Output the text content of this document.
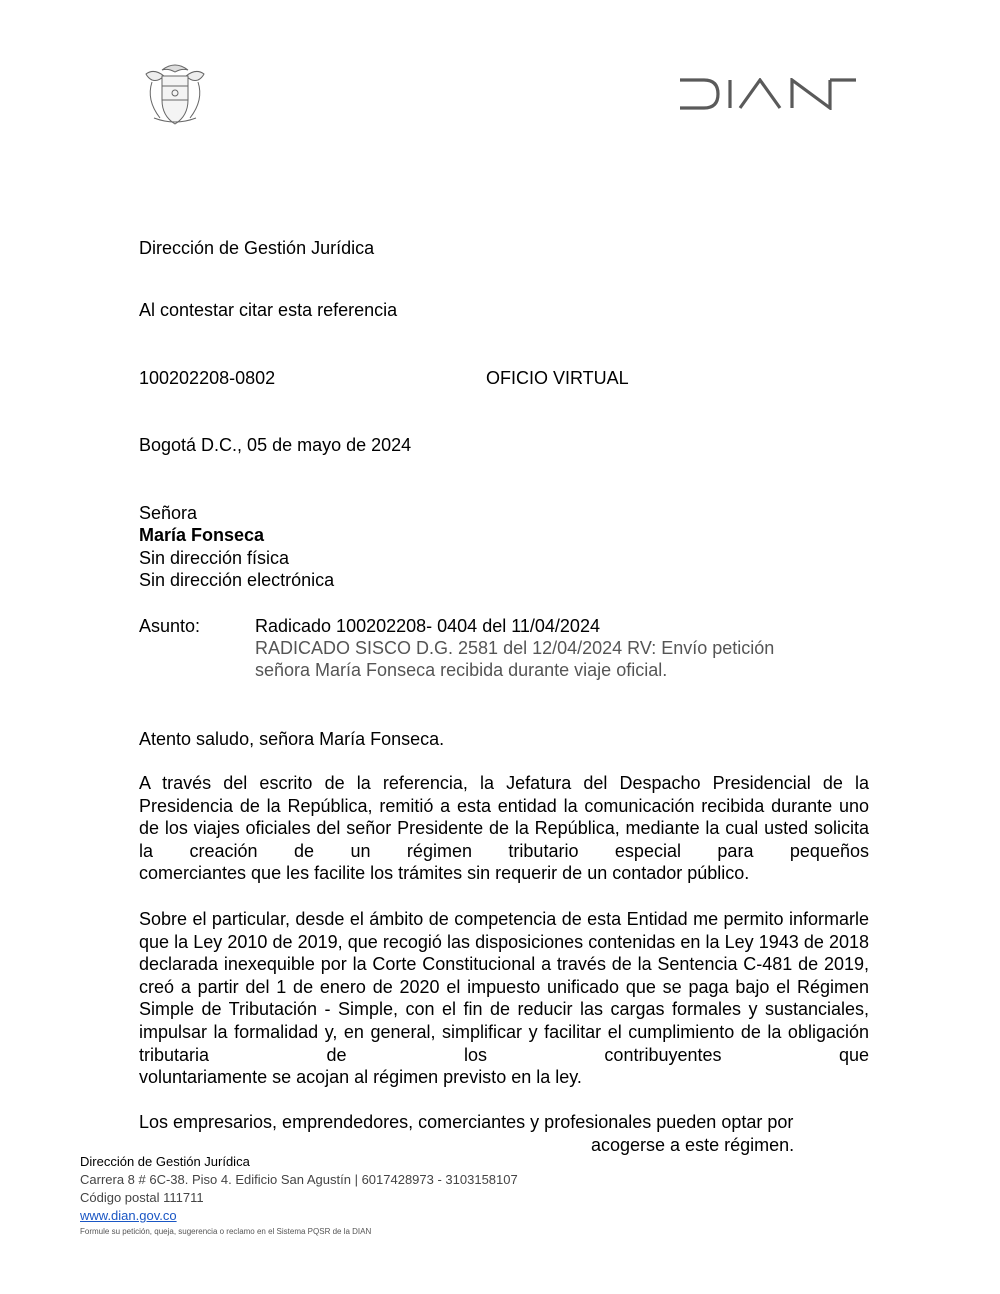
Dirección de Gestión Jurídica
Al contestar citar esta referencia
100202208-0802	OFICIO VIRTUAL
Bogotá D.C., 05 de mayo de 2024
Señora
María Fonseca
Sin dirección física
Sin dirección electrónica
Asunto:	Radicado 100202208- 0404 del 11/04/2024
RADICADO SISCO D.G. 2581 del 12/04/2024 RV: Envío petición
señora María Fonseca recibida durante viaje oficial.
Atento saludo, señora María Fonseca.
A través del escrito de la referencia, la Jefatura del Despacho Presidencial de la Presidencia de la República, remitió a esta entidad la comunicación recibida durante uno de los viajes oficiales del señor Presidente de la República, mediante la cual usted solicita la creación de un régimen tributario especial para pequeños
comerciantes que les facilite los trámites sin requerir de un contador público.
Sobre el particular, desde el ámbito de competencia de esta Entidad me permito informarle que la Ley 2010 de 2019, que recogió las disposiciones contenidas en la Ley 1943 de 2018 declarada inexequible por la Corte Constitucional a través de la Sentencia C-481 de 2019, creó a partir del 1 de enero de 2020 el impuesto unificado que se paga bajo el Régimen Simple de Tributación - Simple, con el fin de reducir las cargas formales y sustanciales, impulsar la formalidad y, en general, simplificar y facilitar el cumplimiento de la obligación tributaria de los contribuyentes que
voluntariamente se acojan al régimen previsto en la ley.
Los empresarios, emprendedores, comerciantes y profesionales pueden optar por
acogerse a este régimen.
Dirección de Gestión Jurídica
Carrera 8 # 6C-38. Piso 4. Edificio San Agustín | 6017428973 - 3103158107
Código postal 111711
www.dian.gov.co
Formule su petición, queja, sugerencia o reclamo en el Sistema PQSR de la DIAN
